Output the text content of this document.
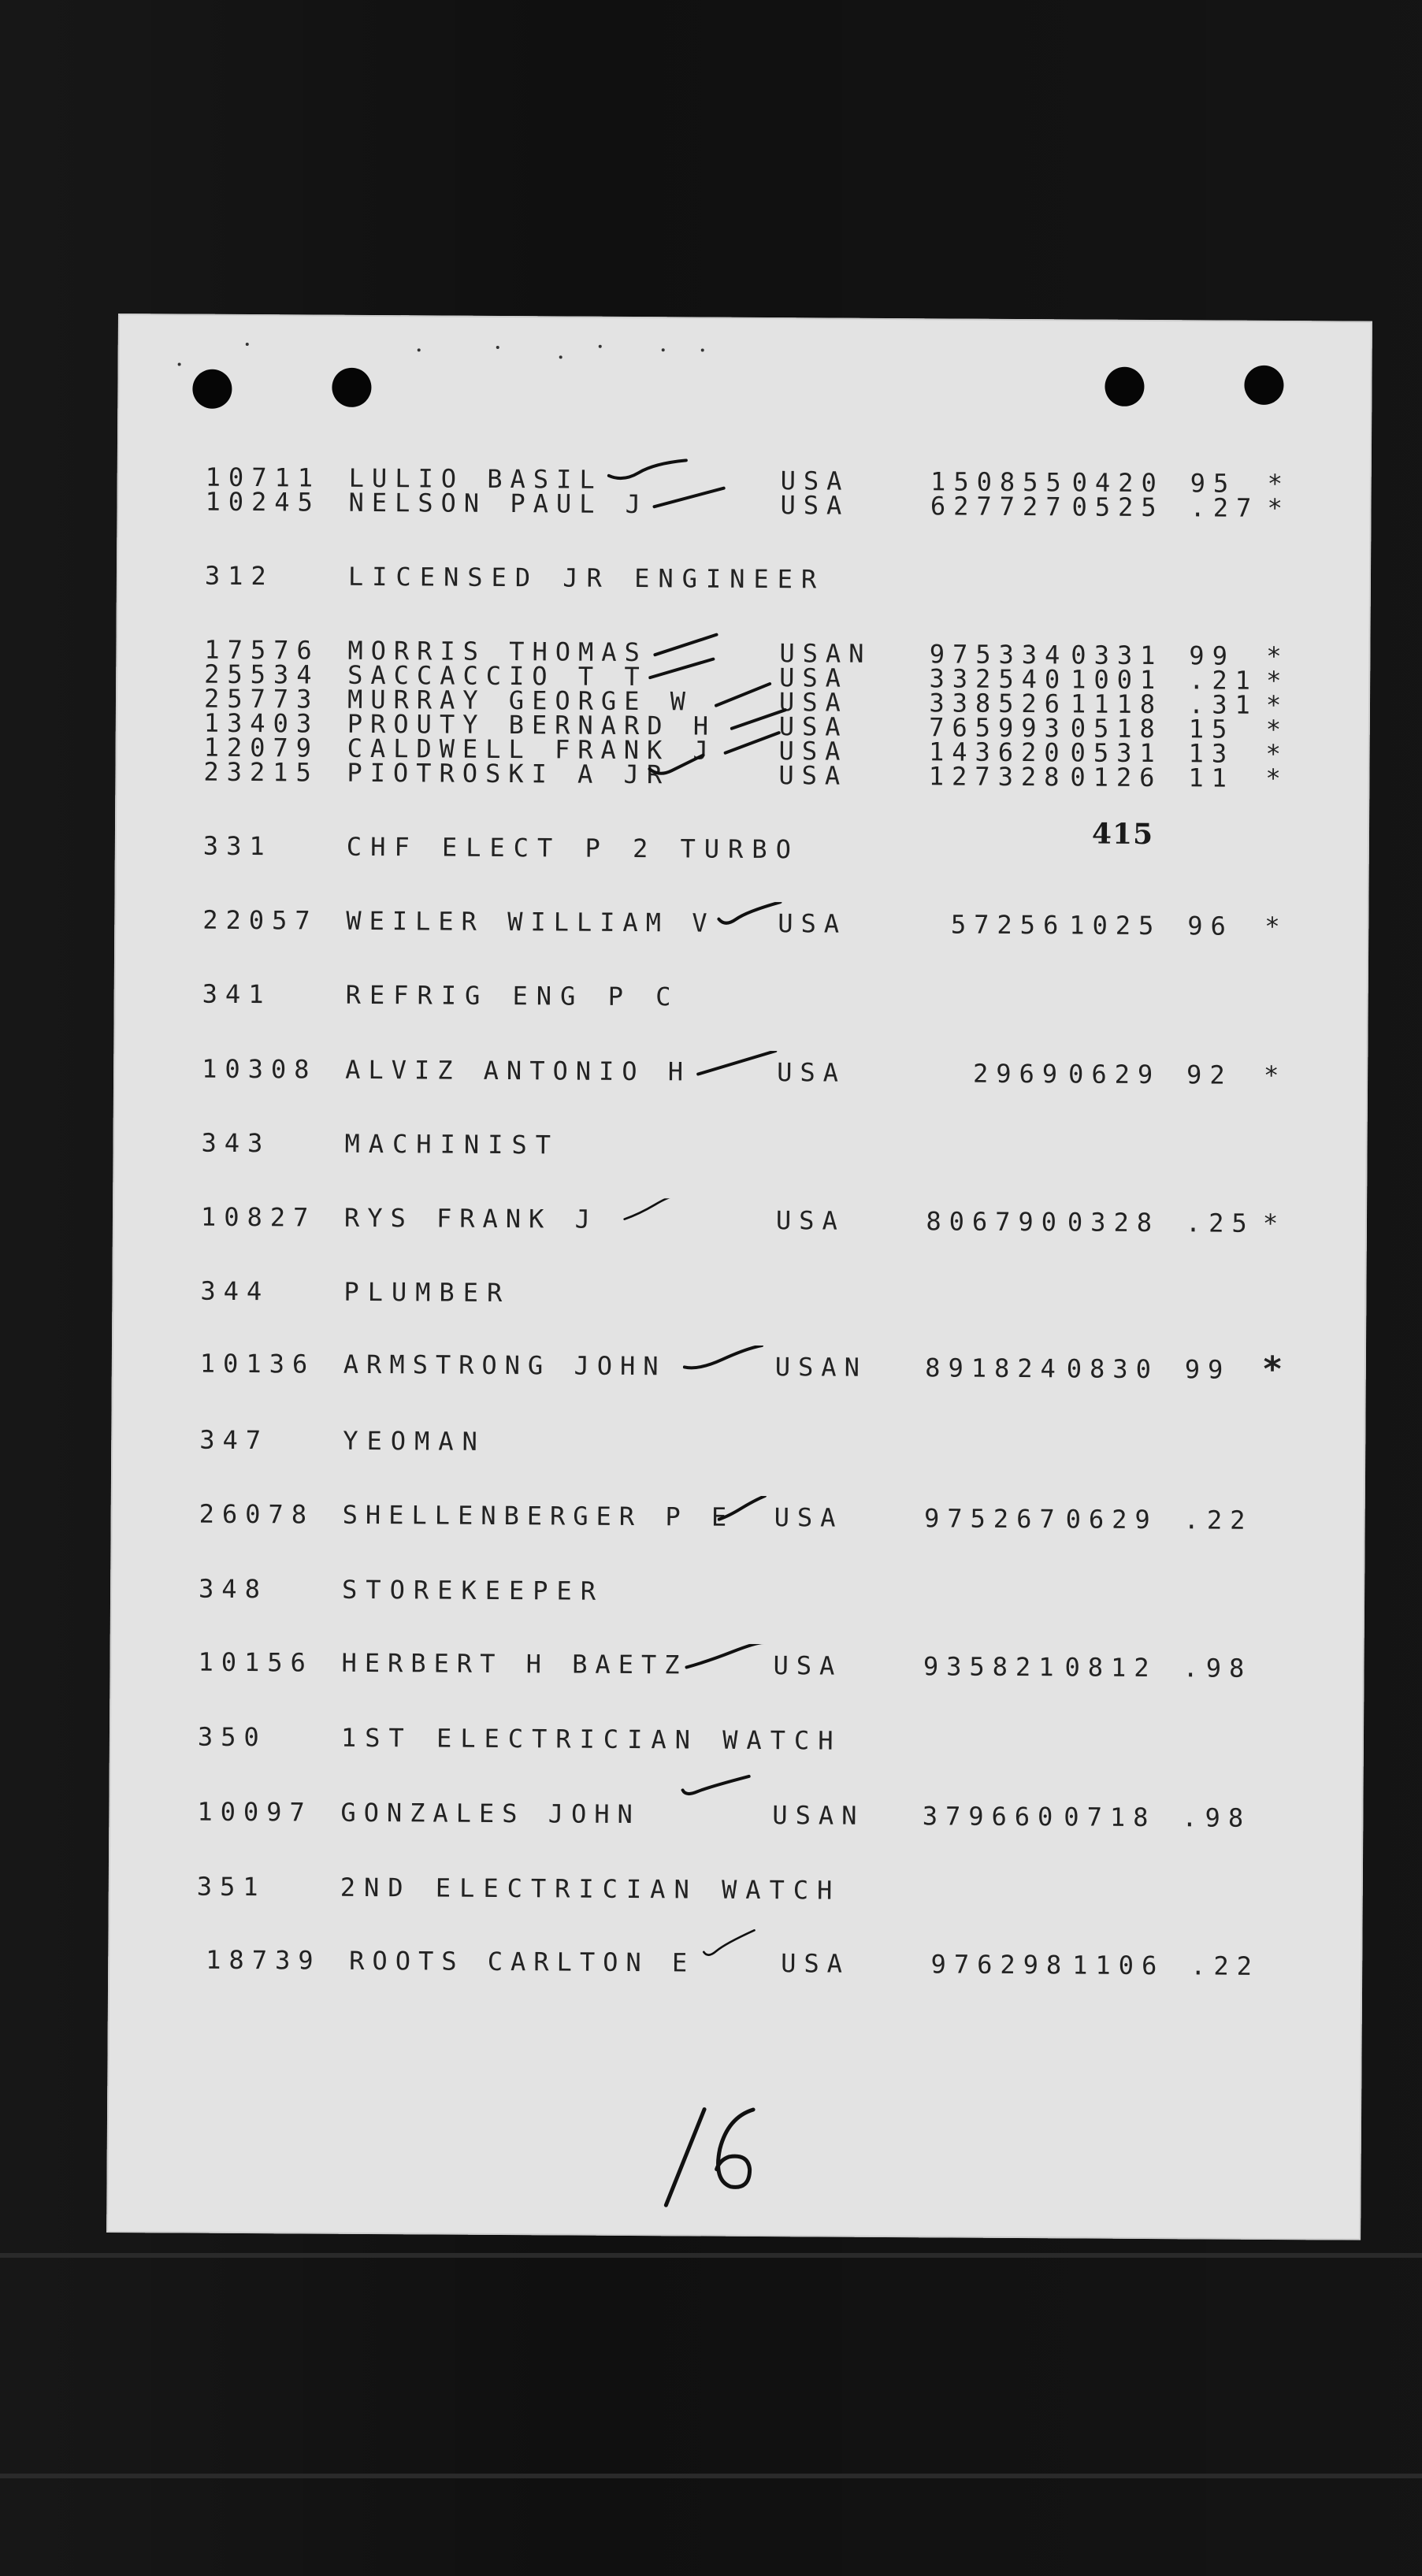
10711 LULIO BASIL	USA	150855 0420 95 *
10245 NELSON PAUL J	USA	627727 0525 .27 *
312	LICENSED JR ENGINEER
17576 MORRIS THOMAS	USAN	975334 0331 99 *
25534 SACCACCIO T T	USA	332540 1001 .21 *
25773 MURRAY GEORGE W	USA	338526 1118 .31 *
13403 PROUTY BERNARD H USA	765993 0518 15 *
12079 CALDWELL FRANK J USA	143620 0531 13 *
23215 PIOTROSKI A JR	USA	127328 0126 11 *
415
331	CHF ELECT P 2 TURBO
22057 WEILER WILLIAM V USA	57256 1025 96 *
341	REFRIG ENG P C
10308 ALVIZ ANTONIO H	USA	2969 0629 92 *
343	MACHINIST
10827 RYS FRANK J	USA	806790 0328 .25 *
344	PLUMBER
10136 ARMSTRONG JOHN	USAN	891824 0830 99 *
347	YEOMAN
26078 SHELLENBERGER P E USA	975267 0629 .22
348	STOREKEEPER
10156 HERBERT H BAETZ	USA	935821 0812 .98
350	1ST ELECTRICIAN WATCH
10097 GONZALES JOHN	USAN	379660 0718 .98
351	2ND ELECTRICIAN WATCH
18739 ROOTS CARLTON E	USA	976298 1106 .22
